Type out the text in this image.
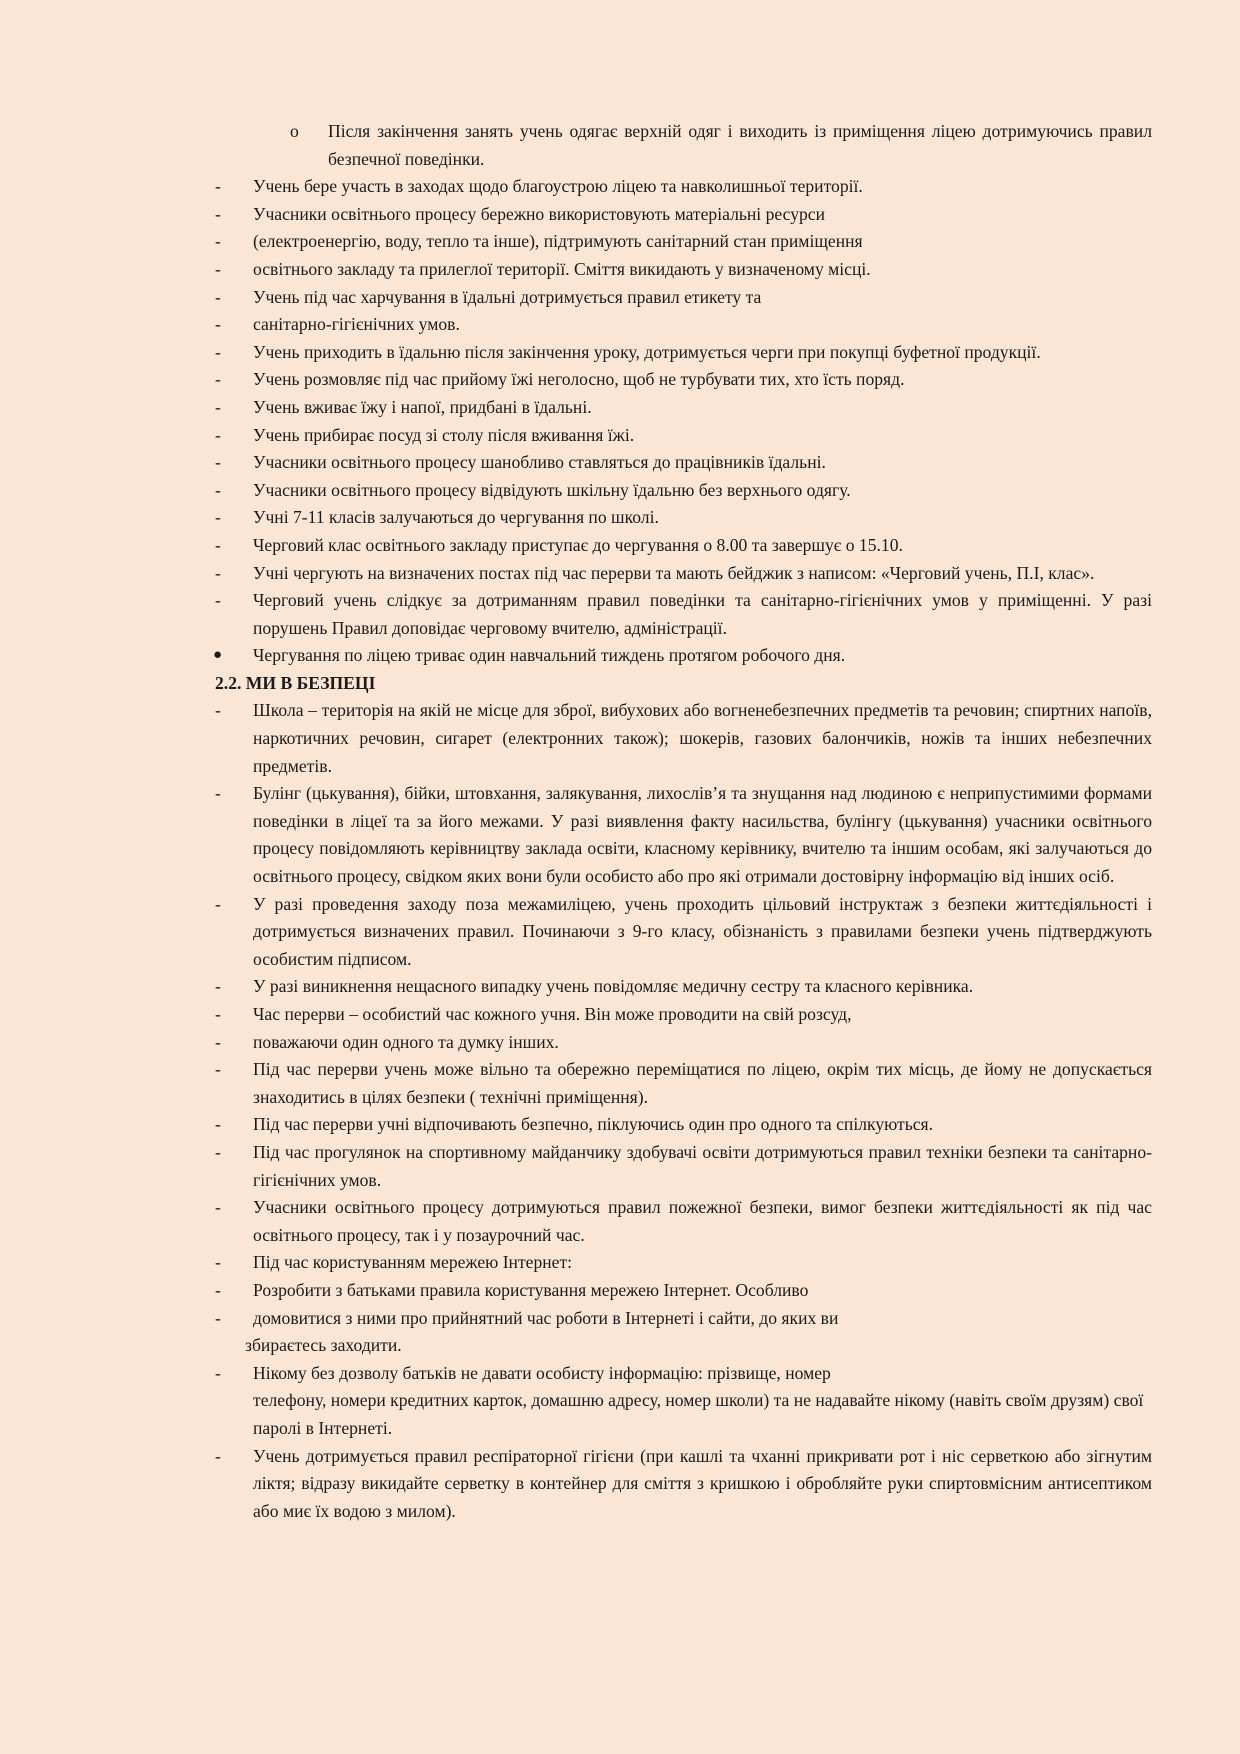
o	Після закінчення занять учень одягає верхній одяг і виходить із приміщення ліцею дотримуючись правил безпечної поведінки.
-	Учень бере участь в заходах щодо благоустрою ліцею та навколишньої території.
-	Учасники освітнього процесу бережно використовують матеріальні ресурси
-	(електроенергію, воду, тепло та інше), підтримують санітарний стан приміщення
-	освітнього закладу та прилеглої території. Сміття викидають у визначеному місці.
-	Учень під час харчування в їдальні дотримується правил етикету та
-	санітарно-гігієнічних умов.
-	Учень приходить в їдальню після закінчення уроку, дотримується черги при покупці буфетної продукції.
-	Учень розмовляє під час прийому їжі неголосно, щоб не турбувати тих, хто їсть поряд.
-	Учень вживає їжу і напої, придбані в їдальні.
-	Учень прибирає посуд зі столу після вживання їжі.
-	Учасники освітнього процесу шанобливо ставляться до працівників їдальні.
-	Учасники освітнього процесу відвідують шкільну їдальню без верхнього одягу.
-	Учні 7-11 класів залучаються до чергування по школі.
-	Черговий клас освітнього закладу приступає до чергування о 8.00 та завершує о 15.10.
-	Учні чергують на визначених постах під час перерви та мають бейджик з написом: «Черговий учень, П.І, клас».
-	Черговий учень слідкує за дотриманням правил поведінки та санітарно-гігієнічних умов у приміщенні. У разі порушень Правил доповідає черговому вчителю, адміністрації.
●	Чергування по ліцею триває один навчальний тиждень протягом робочого дня.
2.2. МИ В БЕЗПЕЦІ
-	Школа – територія на якій не місце для зброї, вибухових або вогненебезпечних предметів та речовин; спиртних напоїв, наркотичних речовин, сигарет (електронних також); шокерів, газових балончиків, ножів та інших небезпечних предметів.
-	Булінг (цькування), бійки, штовхання, залякування, лихослів’я та знущання над людиною є неприпустимими формами поведінки в ліцеї та за його межами. У разі виявлення факту насильства, булінгу (цькування) учасники освітнього процесу повідомляють керівництву заклада освіти, класному керівнику, вчителю та іншим особам, які залучаються до освітнього процесу, свідком яких вони були особисто або про які отримали достовірну інформацію від інших осіб.
-	У разі проведення заходу поза межамиліцею, учень проходить цільовий інструктаж з безпеки життєдіяльності і дотримується визначених правил. Починаючи з 9-го класу, обізнаність з правилами безпеки учень підтверджують особистим підписом.
-	У разі виникнення нещасного випадку учень повідомляє медичну сестру та класного керівника.
-	Час перерви – особистий час кожного учня. Він може проводити на свій розсуд,
-	поважаючи один одного та думку інших.
-	Під час перерви учень може вільно та обережно переміщатися по ліцею, окрім тих місць, де йому не допускається знаходитись в цілях безпеки ( технічні приміщення).
-	Під час перерви учні відпочивають безпечно, піклуючись один про одного та спілкуються.
-	Під час прогулянок на спортивному майданчику здобувачі освіти дотримуються правил техніки безпеки та санітарно-гігієнічних умов.
-	Учасники освітнього процесу дотримуються правил пожежної безпеки, вимог безпеки життєдіяльності як під час освітнього процесу, так і у позаурочний час.
-	Під час користуванням мережею Інтернет:
-	Розробити з батьками правила користування мережею Інтернет. Особливо
-	домовитися з ними про прийнятний час роботи в Інтернеті і сайти, до яких ви
збираєтесь заходити.
-	Нікому без дозволу батьків не давати особисту інформацію: прізвище, номер
телефону, номери кредитних карток, домашню адресу, номер школи) та не надавайте нікому (навіть своїм друзям) свої паролі в Інтернеті.
-	Учень дотримується правил респіраторної гігієни (при кашлі та чханні прикривати рот і ніс серветкою або зігнутим ліктя; відразу викидайте серветку в контейнер для сміття з кришкою і обробляйте руки спиртовмісним антисептиком або миє їх водою з милом).
